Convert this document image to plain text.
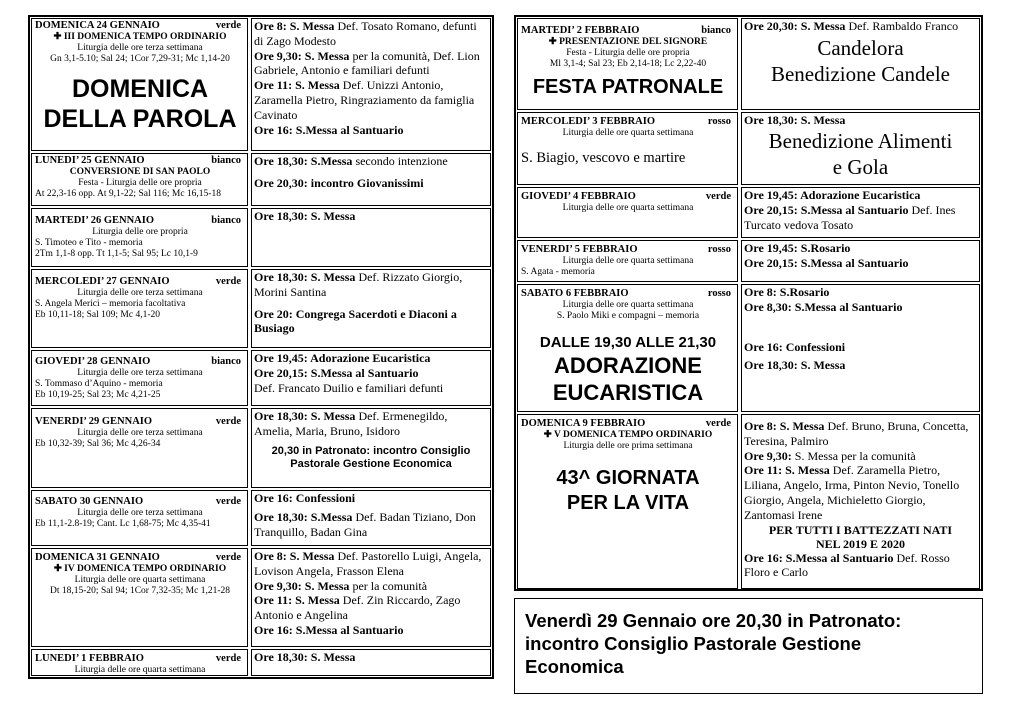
DOMENICA 24 GENNAIO	verde
✚ III DOMENICA TEMPO ORDINARIO
Liturgia delle ore terza settimana
Gn 3,1-5.10; Sal 24; 1Cor 7,29-31; Mc 1,14-20
DOMENICA
DELLA PAROLA
Ore 8: S. Messa Def. Tosato Romano, defunti di Zago Modesto
Ore 9,30: S. Messa per la comunità, Def. Lion Gabriele, Antonio e familiari defunti
Ore 11: S. Messa Def. Unizzi Antonio, Zaramella Pietro, Ringraziamento da famiglia Cavinato
Ore 16: S.Messa al Santuario
LUNEDI’ 25 GENNAIO	bianco
CONVERSIONE DI SAN PAOLO
Festa - Liturgia delle ore propria
At 22,3-16 opp. At 9,1-22; Sal 116; Mc 16,15-18
Ore 18,30: S.Messa secondo intenzione
Ore 20,30: incontro Giovanissimi
MARTEDI’ 26 GENNAIO	bianco
Liturgia delle ore propria
S. Timoteo e Tito - memoria
2Tm 1,1-8 opp. Tt 1,1-5; Sal 95; Lc 10,1-9
Ore 18,30: S. Messa
MERCOLEDI’ 27 GENNAIO	verde
Liturgia delle ore terza settimana
S. Angela Merici – memoria facoltativa
Eb 10,11-18; Sal 109; Mc 4,1-20
Ore 18,30: S. Messa Def. Rizzato Giorgio, Morini Santina
Ore 20: Congrega Sacerdoti e Diaconi a Busiago
GIOVEDI’ 28 GENNAIO	bianco
Liturgia delle ore terza settimana
S. Tommaso d’Aquino - memoria
Eb 10,19-25; Sal 23; Mc 4,21-25
Ore 19,45: Adorazione Eucaristica
Ore 20,15: S.Messa al Santuario
Def. Francato Duilio e familiari defunti
VENERDI’ 29 GENNAIO	verde
Liturgia delle ore terza settimana
Eb 10,32-39; Sal 36; Mc 4,26-34
Ore 18,30: S. Messa Def. Ermenegildo, Amelia, Maria, Bruno, Isidoro
20,30 in Patronato: incontro Consiglio
Pastorale Gestione Economica
SABATO 30 GENNAIO	verde
Liturgia delle ore terza settimana
Eb 11,1-2.8-19; Cant. Lc 1,68-75; Mc 4,35-41
Ore 16: Confessioni
Ore 18,30: S.Messa Def. Badan Tiziano, Don Tranquillo, Badan Gina
DOMENICA 31 GENNAIO	verde
✚ IV DOMENICA TEMPO ORDINARIO
Liturgia delle ore quarta settimana
Dt 18,15-20; Sal 94; 1Cor 7,32-35; Mc 1,21-28
Ore 8: S. Messa Def. Pastorello Luigi, Angela, Lovison Angela, Frasson Elena
Ore 9,30: S. Messa per la comunità
Ore 11: S. Messa Def. Zin Riccardo, Zago Antonio e Angelina
Ore 16: S.Messa al Santuario
LUNEDI’ 1 FEBBRAIO	verde
Liturgia delle ore quarta settimana
Ore 18,30: S. Messa
MARTEDI’ 2 FEBBRAIO	bianco
✚ PRESENTAZIONE DEL SIGNORE
Festa - Liturgia delle ore propria
Ml 3,1-4; Sal 23; Eb 2,14-18; Lc 2,22-40
FESTA PATRONALE
Ore 20,30: S. Messa Def. Rambaldo Franco
Candelora
Benedizione Candele
MERCOLEDI’ 3 FEBBRAIO	rosso
Liturgia delle ore quarta settimana
S. Biagio, vescovo e martire
Ore 18,30: S. Messa
Benedizione Alimenti
e Gola
GIOVEDI’ 4 FEBBRAIO	verde
Liturgia delle ore quarta settimana
Ore 19,45: Adorazione Eucaristica
Ore 20,15: S.Messa al Santuario Def. Ines Turcato vedova Tosato
VENERDI’ 5 FEBBRAIO	rosso
Liturgia delle ore quarta settimana
S. Agata - memoria
Ore 19,45: S.Rosario
Ore 20,15: S.Messa al Santuario
SABATO 6 FEBBRAIO	rosso
Liturgia delle ore quarta settimana
S. Paolo Miki e compagni – memoria
DALLE 19,30 ALLE 21,30
ADORAZIONE
EUCARISTICA
Ore 8: S.Rosario
Ore 8,30: S.Messa al Santuario
Ore 16: Confessioni
Ore 18,30: S. Messa
DOMENICA 9 FEBBRAIO	verde
✚ V DOMENICA TEMPO ORDINARIO
Liturgia delle ore prima settimana
43^ GIORNATA
PER LA VITA
Ore 8: S. Messa Def. Bruno, Bruna, Concetta, Teresina, Palmiro
Ore 9,30: S. Messa per la comunità
Ore 11: S. Messa Def. Zaramella Pietro, Liliana, Angelo, Irma, Pinton Nevio, Tonello Giorgio, Angela, Michieletto Giorgio, Zantomasi Irene
PER TUTTI I BATTEZZATI NATI
NEL 2019 E 2020
Ore 16: S.Messa al Santuario Def. Rosso Floro e Carlo
Venerdì 29 Gennaio ore 20,30 in Patronato:
incontro Consiglio Pastorale Gestione
Economica
